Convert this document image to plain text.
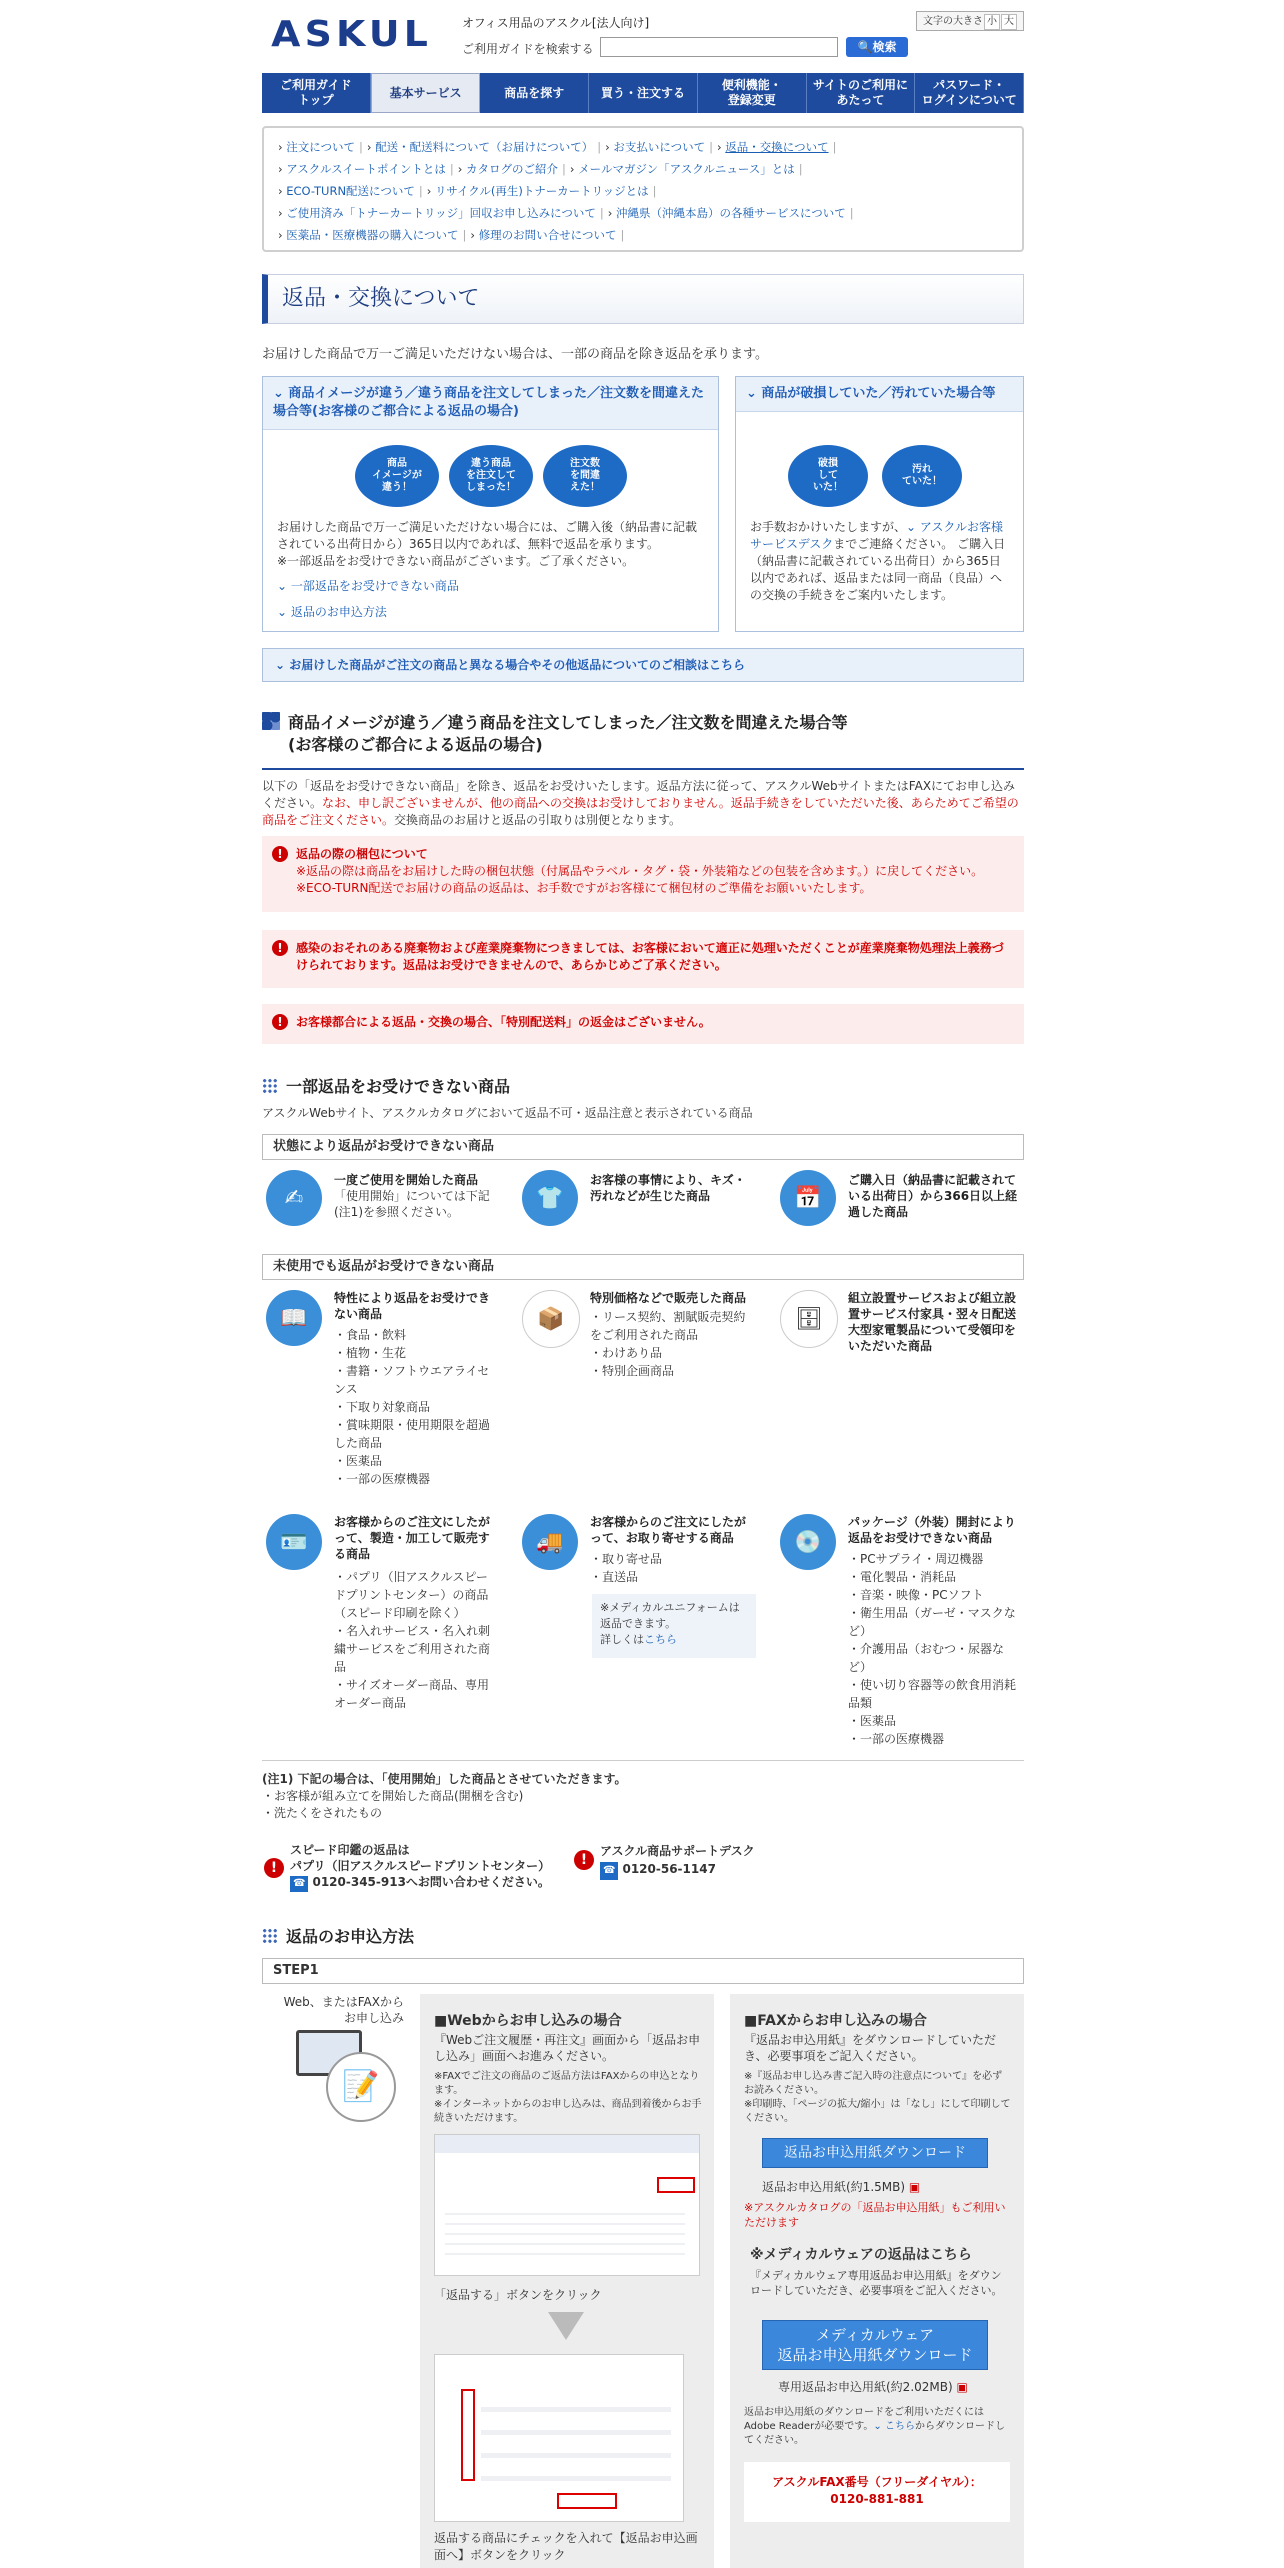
ASKUL オフィス用品のアスクル[法人向け]
ご利用ガイドを検索する	🔍検索
文字の大きさ 小 大
ご利用ガイド
トップ
基本サービス	商品を探す	買う・注文する
便利機能・
登録変更
サイトのご利用に
あたって
パスワード・
ログインについて
› 注文について | › 配送・配送料について（お届けについて） | › お支払いについて | › 返品・交換について |
› アスクルスイートポイントとは | › カタログのご紹介 | › メールマガジン「アスクルニュース」とは |
› ECO-TURN配送について | › リサイクル(再生)トナーカートリッジとは |
› ご使用済み「トナーカートリッジ」回収お申し込みについて | › 沖縄県（沖縄本島）の各種サービスについて |
› 医薬品・医療機器の購入について | › 修理のお問い合せについて |
返品・交換について
お届けした商品で万一ご満足いただけない場合は、一部の商品を除き返品を承ります。
⌄ 商品イメージが違う／違う商品を注文してしまった／注文数を間違えた場合等(お客様のご都合による返品の場合)
商品
イメージが
違う！
違う商品
を注文して
しまった！
注文数
を間違
えた！
お届けした商品で万一ご満足いただけない場合には、ご購入後（納品書に記載されている出荷日から）365日以内であれば、無料で返品を承ります。
※一部返品をお受けできない商品がございます。ご了承ください。
⌄ 一部返品をお受けできない商品
⌄ 返品のお申込方法
⌄ 商品が破損していた／汚れていた場合等
破損
して
いた！
汚れ
ていた！
お手数おかけいたしますが、⌄ アスクルお客様サービスデスクまでご連絡ください。 ご購入日（納品書に記載されている出荷日）から365日以内であれば、返品または同一商品（良品）への交換の手続きをご案内いたします。
⌄ お届けした商品がご注文の商品と異なる場合やその他返品についてのご相談はこちら
商品イメージが違う／違う商品を注文してしまった／注文数を間違えた場合等
(お客様のご都合による返品の場合)
以下の「返品をお受けできない商品」を除き、返品をお受けいたします。返品方法に従って、アスクルWebサイトまたはFAXにてお申し込みください。なお、申し訳ございませんが、他の商品への交換はお受けしておりません。返品手続きをしていただいた後、あらためてご希望の商品をご注文ください。交換商品のお届けと返品の引取りは別便となります。
!	返品の際の梱包について
※返品の際は商品をお届けした時の梱包状態（付属品やラベル・タグ・袋・外装箱などの包装を含めます。）に戻してください。
※ECO-TURN配送でお届けの商品の返品は、お手数ですがお客様にて梱包材のご準備をお願いいたします。
!	感染のおそれのある廃棄物および産業廃棄物につきましては、お客様において適正に処理いただくことが産業廃棄物処理法上義務づけられております。返品はお受けできませんので、あらかじめご了承ください。
!	お客様都合による返品・交換の場合、「特別配送料」の返金はございません。
一部返品をお受けできない商品
アスクルWebサイト、アスクルカタログにおいて返品不可・返品注意と表示されている商品
状態により返品がお受けできない商品
✍
一度ご使用を開始した商品
「使用開始」については下記(注1)を参照ください。
👕
お客様の事情により、キズ・汚れなどが生じた商品	📅
ご購入日（納品書に記載されている出荷日）から366日以上経過した商品
未使用でも返品がお受けできない商品
📖
特性により返品をお受けできない商品
・食品・飲料
・植物・生花
・書籍・ソフトウエアライセンス
・下取り対象商品
・賞味期限・使用期限を超過した商品
・医薬品
・一部の医療機器
📦
特別価格などで販売した商品
・リース契約、割賦販売契約をご利用された商品
・わけあり品
・特別企画商品
🗄
組立設置サービスおよび組立設置サービス付家具・翌々日配送大型家電製品について受領印をいただいた商品
🪪
お客様からのご注文にしたがって、製造・加工して販売する商品
・パプリ（旧アスクルスピードプリントセンター）の商品（スピード印刷を除く）
・名入れサービス・名入れ刺繍サービスをご利用された商品
・サイズオーダー商品、専用オーダー商品
🚚
お客様からのご注文にしたがって、お取り寄せする商品
・取り寄せ品
・直送品
※メディカルユニフォームは返品できます。
詳しくはこちら
💿
パッケージ（外装）開封により返品をお受けできない商品
・PCサプライ・周辺機器
・電化製品・消耗品
・音楽・映像・PCソフト
・衛生用品（ガーゼ・マスクなど）
・介護用品（おむつ・尿器など）
・使い切り容器等の飲食用消耗品類
・医薬品
・一部の医療機器
(注1) 下記の場合は、「使用開始」した商品とさせていただきます。
・お客様が組み立てを開始した商品(開梱を含む)
・洗たくをされたもの
!
スピード印鑑の返品は
パプリ（旧アスクルスピードプリントセンター）
☎ 0120-345-913へお問い合わせください。
!
アスクル商品サポートデスク
☎ 0120-56-1147
返品のお申込方法
STEP1
Web、またはFAXからお申し込み
📝
■Webからお申し込みの場合
『Webご注文履歴・再注文』画面から「返品お申し込み」画面へお進みください。
※FAXでご注文の商品のご返品方法はFAXからの申込となります。
※インターネットからのお申し込みは、商品到着後からお手続きいただけます。
「返品する」ボタンをクリック
返品する商品にチェックを入れて【返品お申込画面へ】ボタンをクリック
■FAXからお申し込みの場合
『返品お申込用紙』をダウンロードしていただき、必要事項をご記入ください。
※『返品お申し込み書ご記入時の注意点について』を必ずお読みください。
※印刷時、「ページの拡大/縮小」は「なし」にして印刷してください。
返品お申込用紙ダウンロード
返品お申込用紙(約1.5MB) ▣
※アスクルカタログの「返品お申込用紙」もご利用いただけます
※メディカルウェアの返品はこちら
『メディカルウェア専用返品お申込用紙』をダウンロードしていただき、必要事項をご記入ください。
メディカルウェア
返品お申込用紙ダウンロード
専用返品お申込用紙(約2.02MB) ▣
返品お申込用紙のダウンロードをご利用いただくには Adobe Readerが必要です。⌄ こちらからダウンロードしてください。
アスクルFAX番号（フリーダイヤル）：
0120-881-881
